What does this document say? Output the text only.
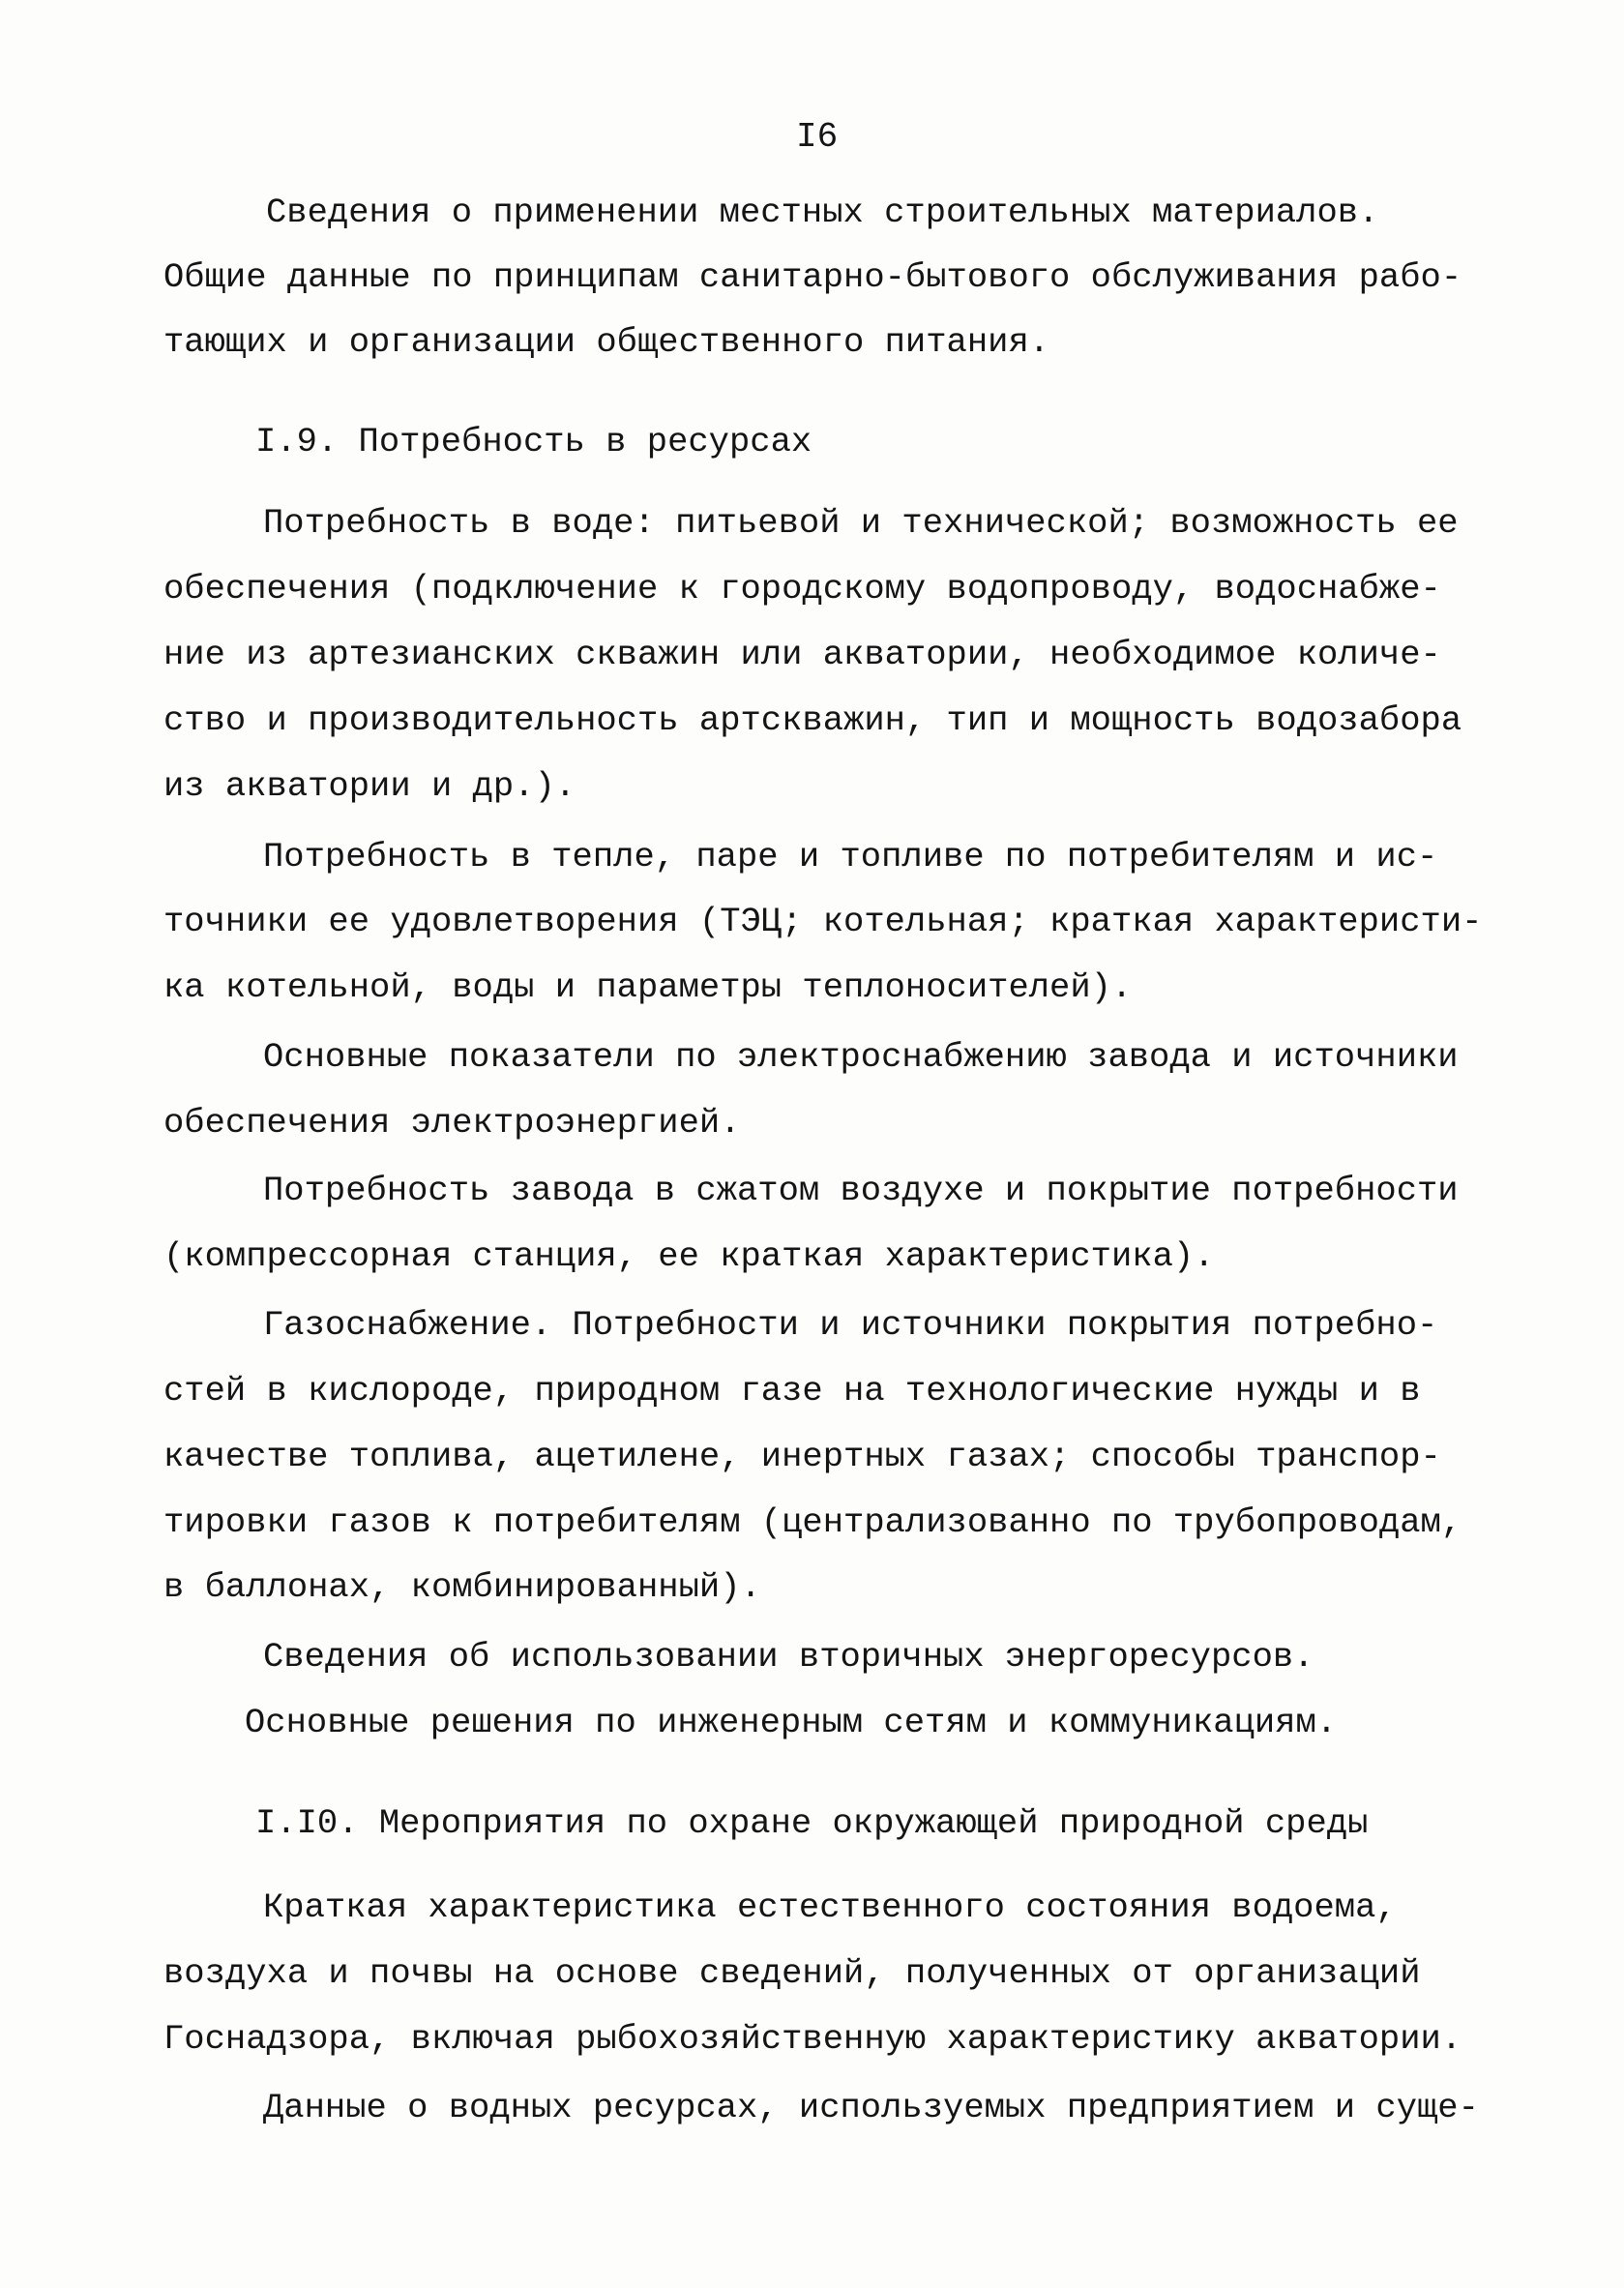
I6
Сведения о применении местных строительных материалов.
Общие данные по принципам санитарно-бытового обслуживания рабо-
тающих и организации общественного питания.
I.9. Потребность в ресурсах
Потребность в воде: питьевой и технической; возможность ее
обеспечения (подключение к городскому водопроводу, водоснабже-
ние из артезианских скважин или акватории, необходимое количе-
ство и производительность артскважин, тип и мощность водозабора
из акватории и др.).
Потребность в тепле, паре и топливе по потребителям и ис-
точники ее удовлетворения (ТЭЦ; котельная; краткая характеристи-
ка котельной, воды и параметры теплоносителей).
Основные показатели по электроснабжению завода и источники
обеспечения электроэнергией.
Потребность завода в сжатом воздухе и покрытие потребности
(компрессорная станция, ее краткая характеристика).
Газоснабжение. Потребности и источники покрытия потребно-
стей в кислороде, природном газе на технологические нужды и в
качестве топлива, ацетилене, инертных газах; способы транспор-
тировки газов к потребителям (централизованно по трубопроводам,
в баллонах, комбинированный).
Сведения об использовании вторичных энергоресурсов.
Основные решения по инженерным сетям и коммуникациям.
I.I0. Мероприятия по охране окружающей природной среды
Краткая характеристика естественного состояния водоема,
воздуха и почвы на основе сведений, полученных от организаций
Госнадзора, включая рыбохозяйственную характеристику акватории.
Данные о водных ресурсах, используемых предприятием и суще-
